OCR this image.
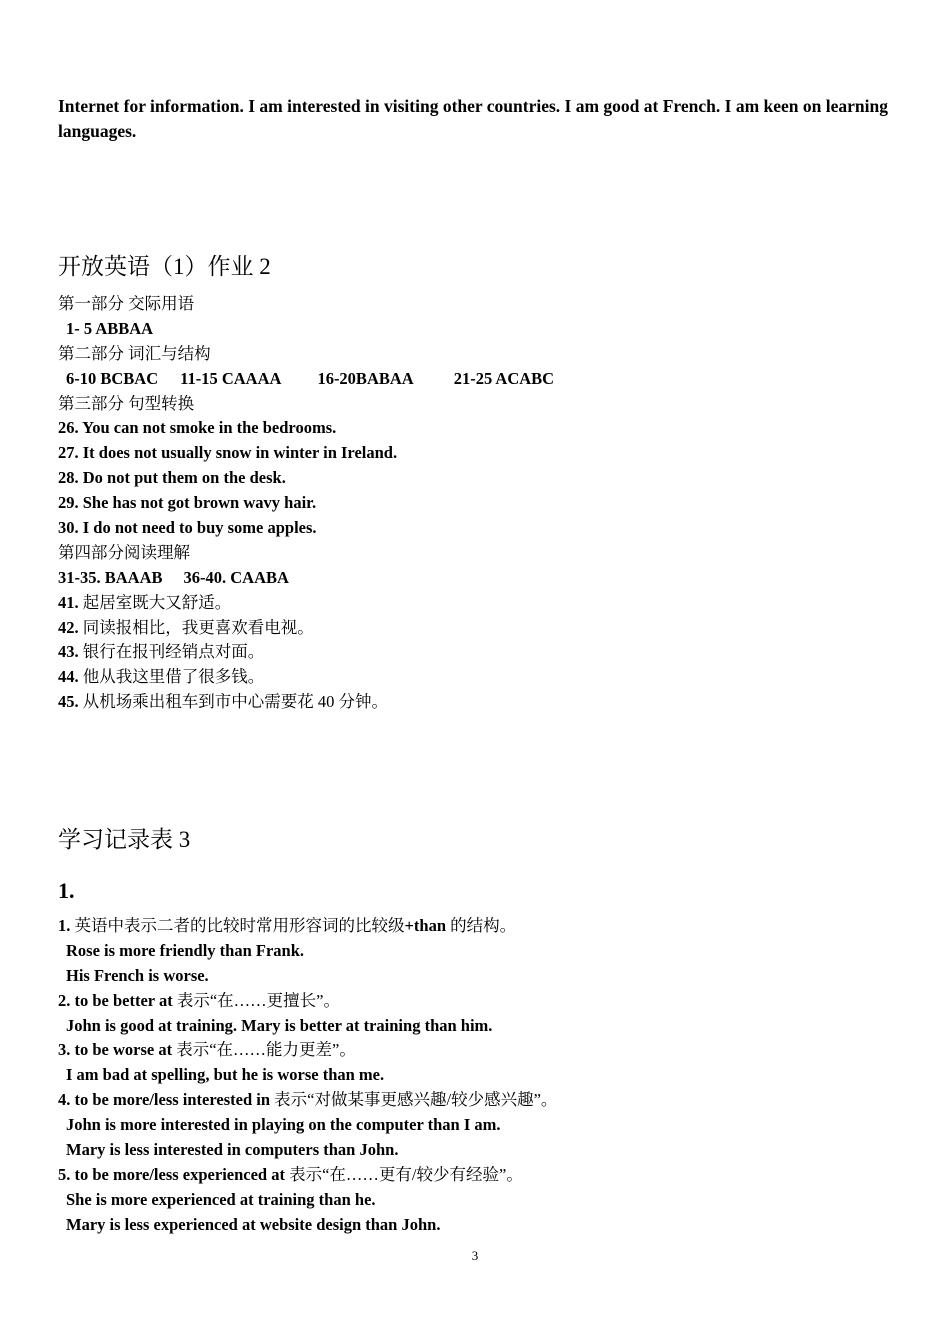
Internet for information. I am interested in visiting other countries. I am good at French. I am keen on learning languages.
开放英语（1）作业 2
第一部分 交际用语
1- 5 ABBAA
第二部分 词汇与结构
6-10 BCBAC 11-15 CAAAA 16-20BABAA 21-25 ACABC
第三部分 句型转换
26. You can not smoke in the bedrooms.
27. It does not usually snow in winter in Ireland.
28. Do not put them on the desk.
29. She has not got brown wavy hair.
30. I do not need to buy some apples.
第四部分阅读理解
31-35. BAAAB 36-40. CAABA
41. 起居室既大又舒适。
42. 同读报相比，我更喜欢看电视。
43. 银行在报刊经销点对面。
44. 他从我这里借了很多钱。
45. 从机场乘出租车到市中心需要花 40 分钟。
学习记录表 3
1.
1. 英语中表示二者的比较时常用形容词的比较级+than 的结构。
Rose is more friendly than Frank.
His French is worse.
2. to be better at 表示“在……更擅长”。
John is good at training. Mary is better at training than him.
3. to be worse at 表示“在……能力更差”。
I am bad at spelling, but he is worse than me.
4. to be more/less interested in 表示“对做某事更感兴趣/较少感兴趣”。
John is more interested in playing on the computer than I am.
Mary is less interested in computers than John.
5. to be more/less experienced at 表示“在……更有/较少有经验”。
She is more experienced at training than he.
Mary is less experienced at website design than John.
3
